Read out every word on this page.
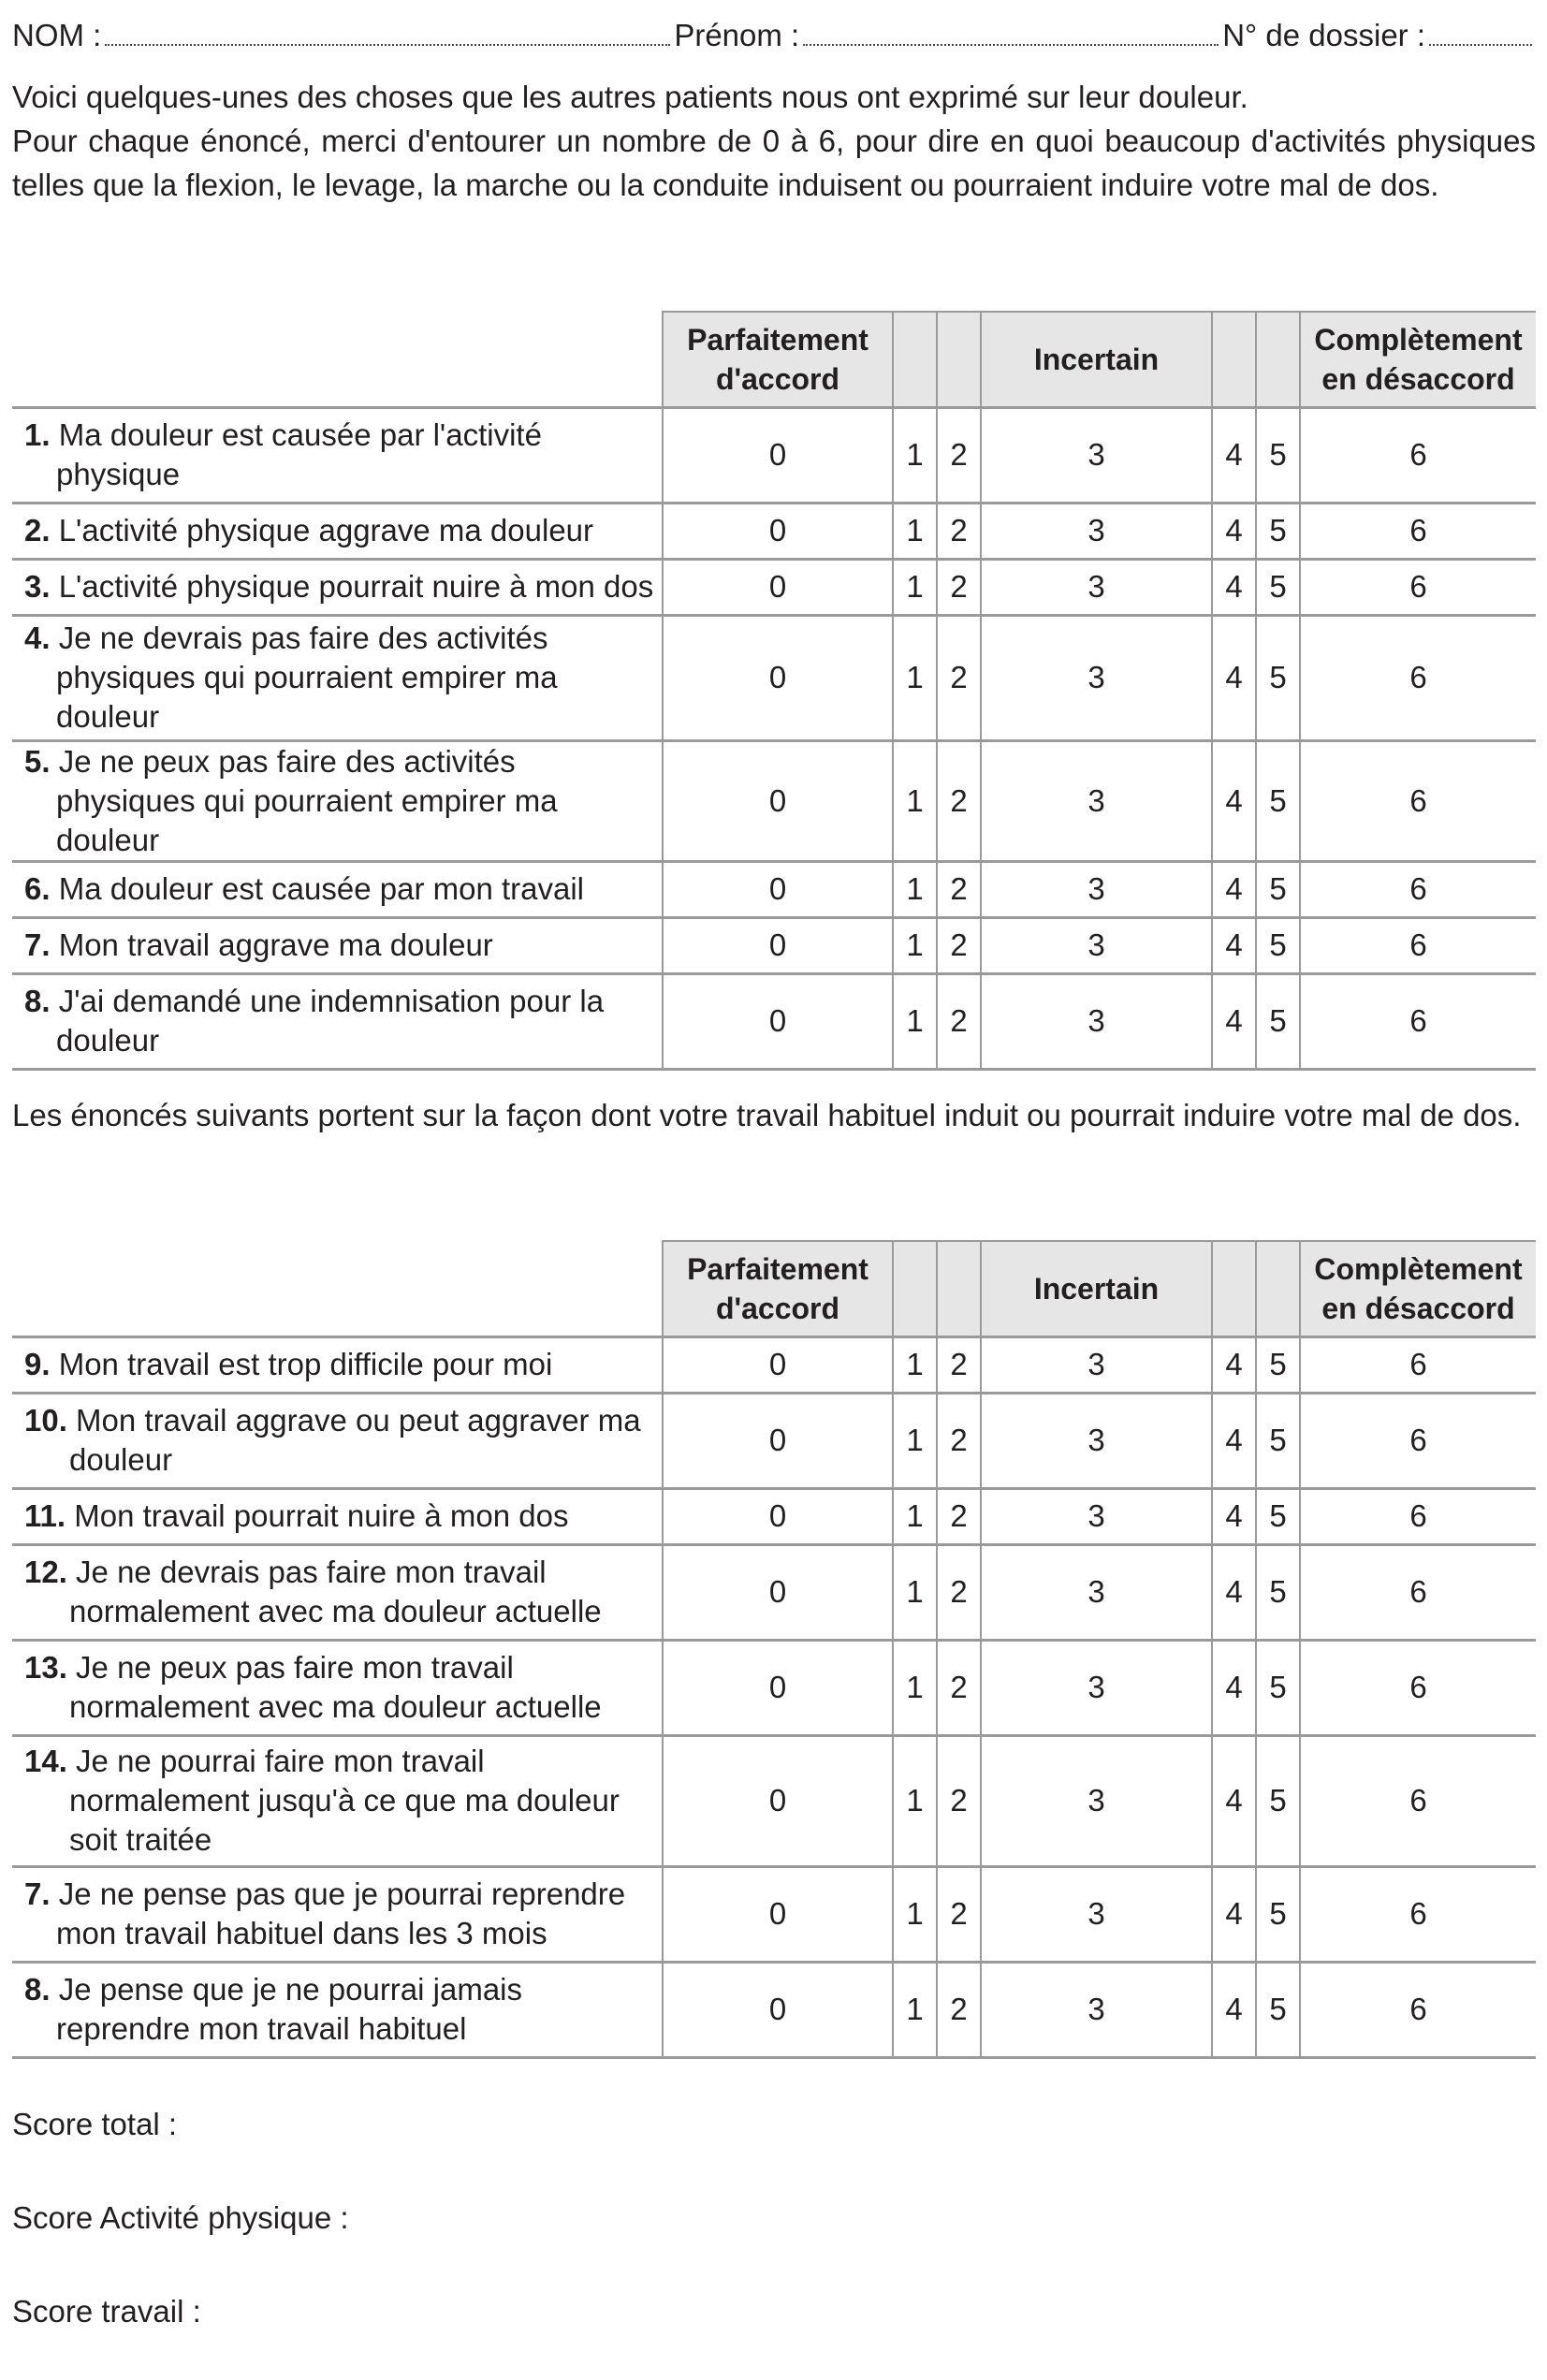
NOM :	Prénom :	N° de dossier :

Voici quelques-unes des choses que les autres patients nous ont exprimé sur leur douleur.

Pour chaque énoncé, merci d'entourer un nombre de 0 à 6, pour dire en quoi beaucoup d'activités physiques telles que la flexion, le levage, la marche ou la conduite induisent ou pourraient induire votre mal de dos.

	Parfaitement d'accord			Incertain			Complètement en désaccord
1. Ma douleur est causée par l'activité physique	0	1	2	3	4	5	6
2. L'activité physique aggrave ma douleur	0	1	2	3	4	5	6
3. L'activité physique pourrait nuire à mon dos	0	1	2	3	4	5	6
4. Je ne devrais pas faire des activités physiques qui pourraient empirer ma douleur	0	1	2	3	4	5	6
5. Je ne peux pas faire des activités physiques qui pourraient empirer ma douleur	0	1	2	3	4	5	6
6. Ma douleur est causée par mon travail	0	1	2	3	4	5	6
7. Mon travail aggrave ma douleur	0	1	2	3	4	5	6
8. J'ai demandé une indemnisation pour la douleur	0	1	2	3	4	5	6
Les énoncés suivants portent sur la façon dont votre travail habituel induit ou pourrait induire votre mal de dos.
	Parfaitement d'accord			Incertain			Complètement en désaccord
9. Mon travail est trop difficile pour moi	0	1	2	3	4	5	6
10. Mon travail aggrave ou peut aggraver ma douleur	0	1	2	3	4	5	6
11. Mon travail pourrait nuire à mon dos	0	1	2	3	4	5	6
12. Je ne devrais pas faire mon travail normalement avec ma douleur actuelle	0	1	2	3	4	5	6
13. Je ne peux pas faire mon travail normalement avec ma douleur actuelle	0	1	2	3	4	5	6
14. Je ne pourrai faire mon travail normalement jusqu'à ce que ma douleur soit traitée	0	1	2	3	4	5	6
7. Je ne pense pas que je pourrai reprendre mon travail habituel dans les 3 mois	0	1	2	3	4	5	6
8. Je pense que je ne pourrai jamais reprendre mon travail habituel	0	1	2	3	4	5	6
Score total :
Score Activité physique :
Score travail :
